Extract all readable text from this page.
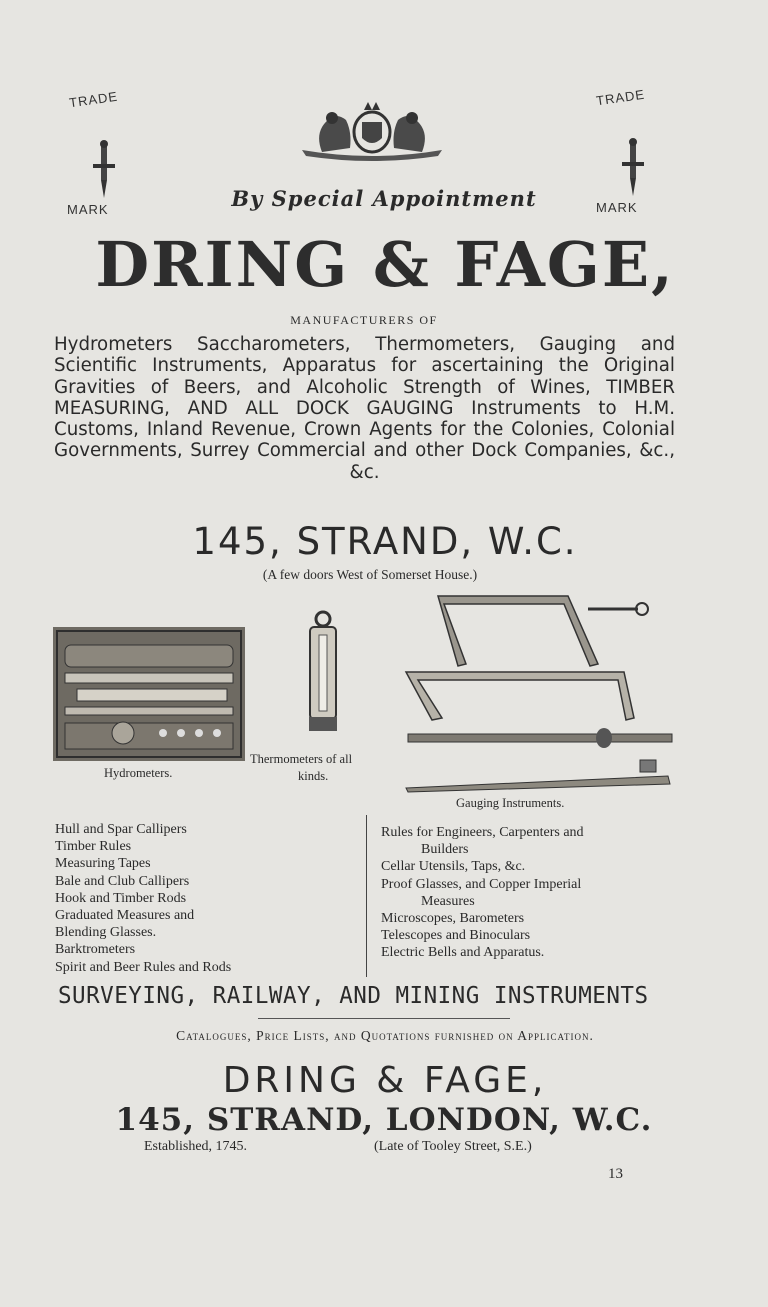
TRADE
MARK
TRADE
MARK
By Special Appointment
DRING & FAGE,
MANUFACTURERS OF
Hydrometers Saccharometers, Thermometers, Gauging and Scientific Instruments, Apparatus for ascertaining the Original Gravities of Beers, and Alcoholic Strength of Wines, TIMBER MEASURING, AND ALL DOCK GAUGING Instruments to H.M. Customs, Inland Revenue, Crown Agents for the Colonies, Colonial Governments, Surrey Commercial and other Dock Companies, &c., &c.
145, STRAND, W.C.
(A few doors West of Somerset House.)
Hydrometers.
Thermometers of all
kinds.
Gauging Instruments.
Hull and Spar Callipers
Timber Rules
Measuring Tapes
Bale and Club Callipers
Hook and Timber Rods
Graduated Measures and
Blending Glasses.
Barktrometers
Spirit and Beer Rules and Rods
Rules for Engineers, Carpenters and
Builders
Cellar Utensils, Taps, &c.
Proof Glasses, and Copper Imperial
Measures
Microscopes, Barometers
Telescopes and Binoculars
Electric Bells and Apparatus.
SURVEYING, RAILWAY, AND MINING INSTRUMENTS
Catalogues, Price Lists, and Quotations furnished on Application.
DRING & FAGE,
145, STRAND, LONDON, W.C.
Established, 1745.	(Late of Tooley Street, S.E.)
13
